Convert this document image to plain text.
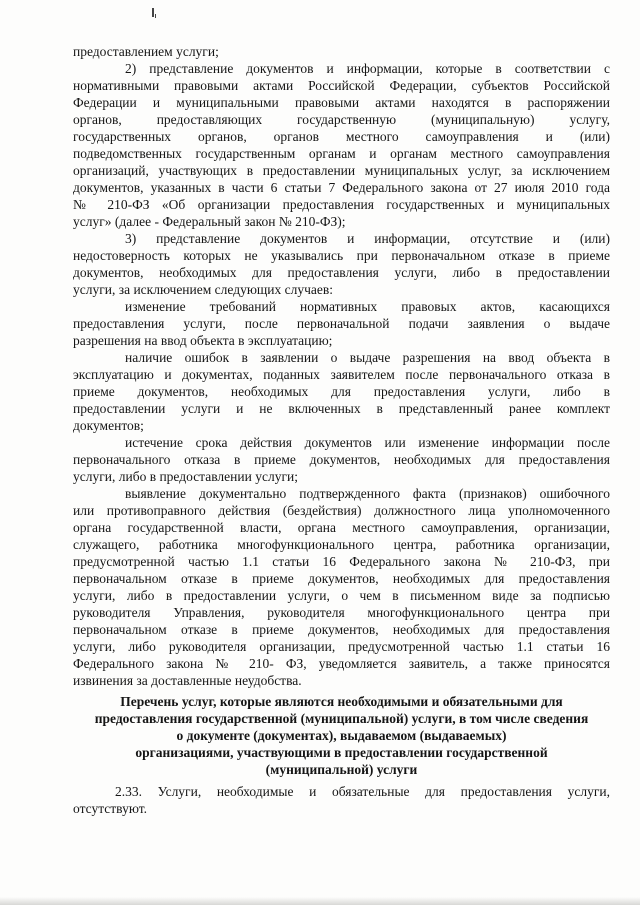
предоставлением услуги;
2) представление документов и информации, которые в соответствии с
нормативными правовыми актами Российской Федерации, субъектов Российской
Федерации и муниципальными правовыми актами находятся в распоряжении
органов, предоставляющих государственную (муниципальную) услугу,
государственных органов, органов местного самоуправления и (или)
подведомственных государственным органам и органам местного самоуправления
организаций, участвующих в предоставлении муниципальных услуг, за исключением
документов, указанных в части 6 статьи 7 Федерального закона от 27 июля 2010 года
№ 210-ФЗ «Об организации предоставления государственных и муниципальных
услуг» (далее - Федеральный закон № 210-ФЗ);
3) представление документов и информации, отсутствие и (или)
недостоверность которых не указывались при первоначальном отказе в приеме
документов, необходимых для предоставления услуги, либо в предоставлении
услуги, за исключением следующих случаев:
изменение требований нормативных правовых актов, касающихся
предоставления услуги, после первоначальной подачи заявления о выдаче
разрешения на ввод объекта в эксплуатацию;
наличие ошибок в заявлении о выдаче разрешения на ввод объекта в
эксплуатацию и документах, поданных заявителем после первоначального отказа в
приеме документов, необходимых для предоставления услуги, либо в
предоставлении услуги и не включенных в представленный ранее комплект
документов;
истечение срока действия документов или изменение информации после
первоначального отказа в приеме документов, необходимых для предоставления
услуги, либо в предоставлении услуги;
выявление документально подтвержденного факта (признаков) ошибочного
или противоправного действия (бездействия) должностного лица уполномоченного
органа государственной власти, органа местного самоуправления, организации,
служащего, работника многофункционального центра, работника организации,
предусмотренной частью 1.1 статьи 16 Федерального закона № 210-ФЗ, при
первоначальном отказе в приеме документов, необходимых для предоставления
услуги, либо в предоставлении услуги, о чем в письменном виде за подписью
руководителя Управления, руководителя многофункционального центра при
первоначальном отказе в приеме документов, необходимых для предоставления
услуги, либо руководителя организации, предусмотренной частью 1.1 статьи 16
Федерального закона № 210- ФЗ, уведомляется заявитель, а также приносятся
извинения за доставленные неудобства.
Перечень услуг, которые являются необходимыми и обязательными для
предоставления государственной (муниципальной) услуги, в том числе сведения
о документе (документах), выдаваемом (выдаваемых)
организациями, участвующими в предоставлении государственной
(муниципальной) услуги
2.33. Услуги, необходимые и обязательные для предоставления услуги,
отсутствуют.
